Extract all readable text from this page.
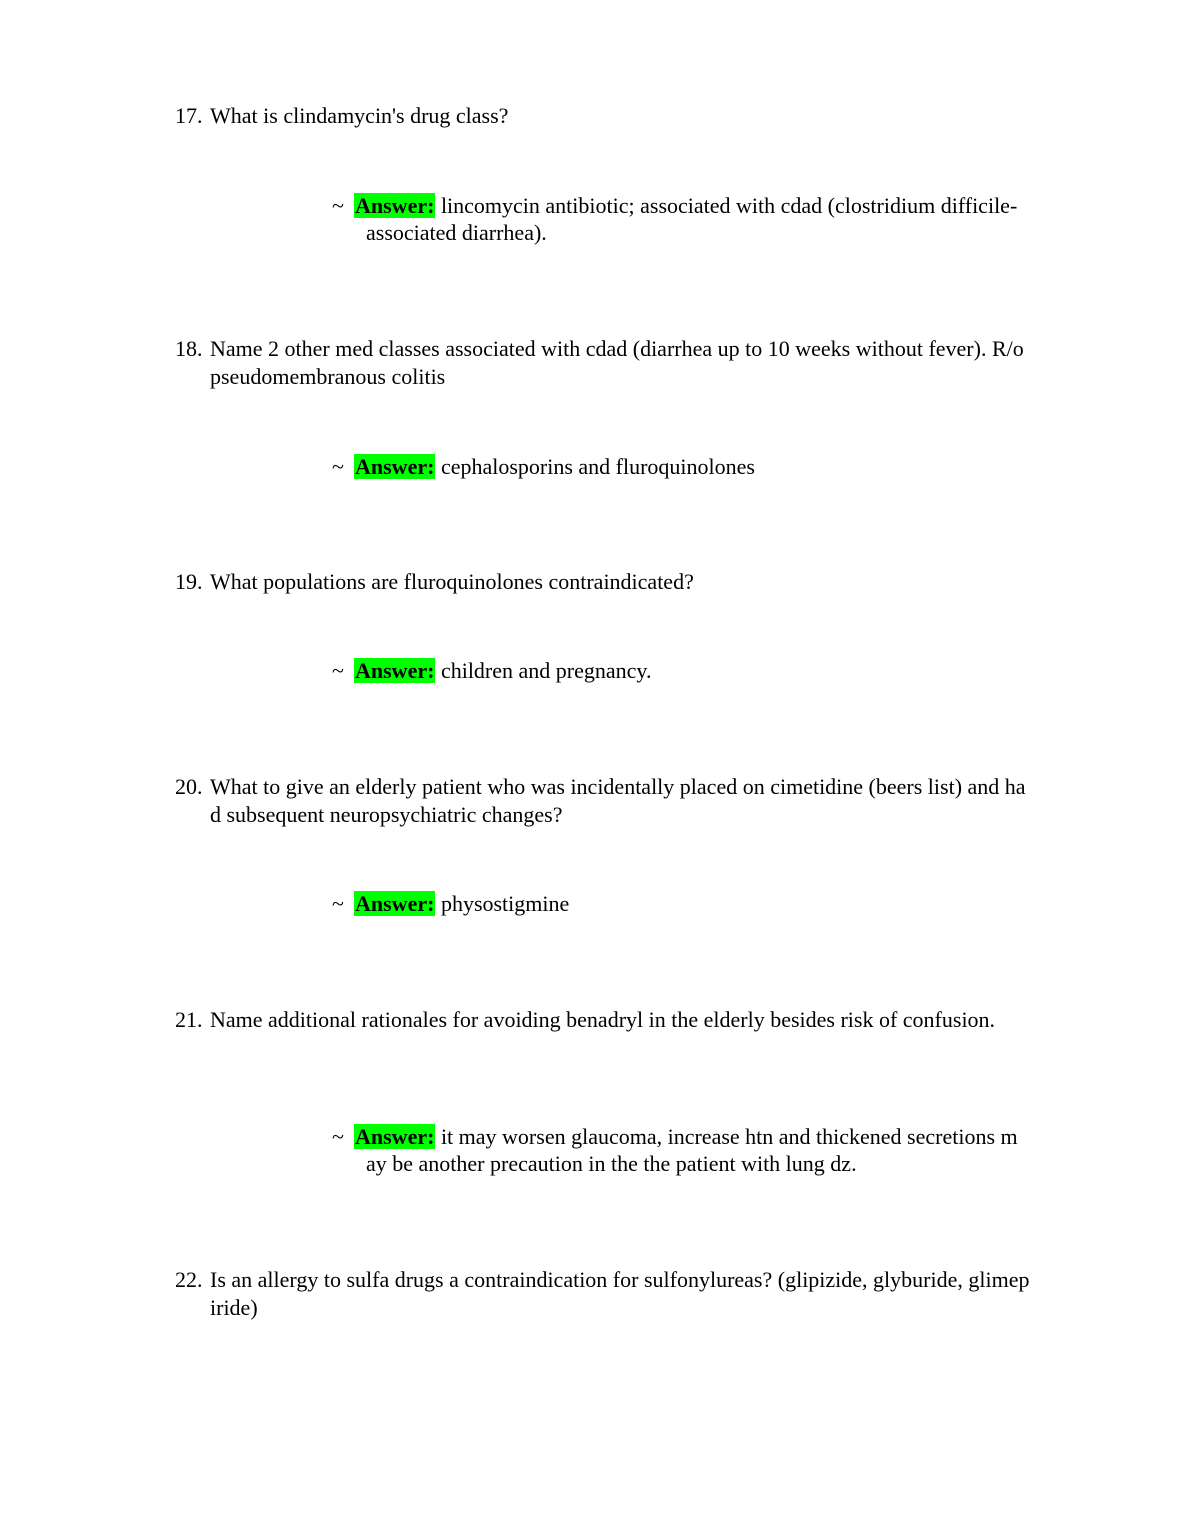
17. What is clindamycin's drug class?
~ Answer: lincomycin antibiotic; associated with cdad (clostridium difficile-associated diarrhea).
18. Name 2 other med classes associated with cdad (diarrhea up to 10 weeks without fever). R/o pseudomembranous colitis
~ Answer: cephalosporins and fluroquinolones
19. What populations are fluroquinolones contraindicated?
~ Answer: children and pregnancy.
20. What to give an elderly patient who was incidentally placed on cimetidine (beers list) and had subsequent neuropsychiatric changes?
~ Answer: physostigmine
21. Name additional rationales for avoiding benadryl in the elderly besides risk of confusion.
~ Answer: it may worsen glaucoma, increase htn and thickened secretions may be another precaution in the the patient with lung dz.
22. Is an allergy to sulfa drugs a contraindication for sulfonylureas? (glipizide, glyburide, glimepiride)
